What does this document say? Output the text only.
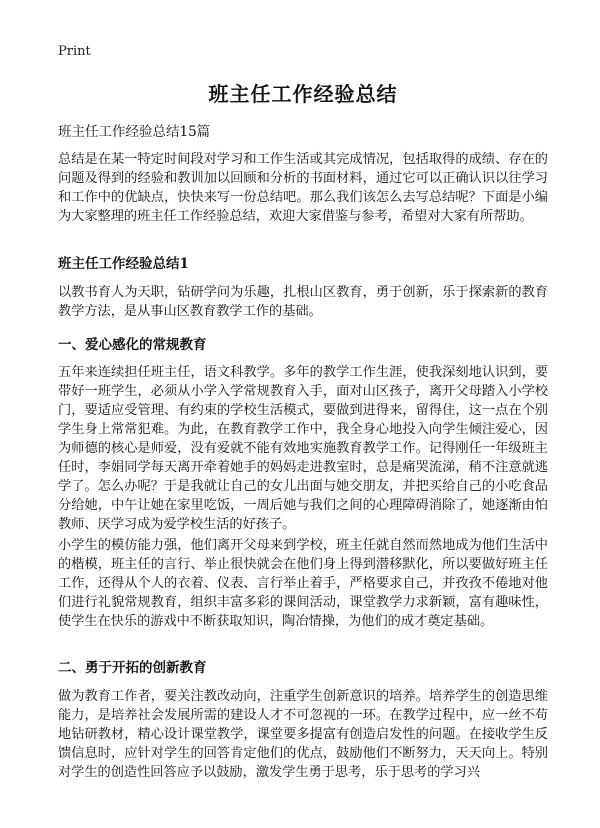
Print
班主任工作经验总结

班主任工作经验总结15篇

总结是在某一特定时间段对学习和工作生活或其完成情况，包括取得的成绩、存在的问题及得到的经验和教训加以回顾和分析的书面材料，通过它可以正确认识以往学习和工作中的优缺点，快快来写一份总结吧。那么我们该怎么去写总结呢？下面是小编为大家整理的班主任工作经验总结，欢迎大家借鉴与参考，希望对大家有所帮助。

班主任工作经验总结1

以教书育人为天职，钻研学问为乐趣，扎根山区教育，勇于创新，乐于探索新的教育教学方法，是从事山区教育教学工作的基础。

一、爱心感化的常规教育

五年来连续担任班主任，语文科教学。多年的教学工作生涯，使我深刻地认识到，要带好一班学生，必须从小学入学常规教育入手，面对山区孩子，离开父母踏入小学校门，要适应受管理、有约束的学校生活模式，要做到进得来，留得住，这一点在个别学生身上常常犯难。为此，在教育教学工作中，我全身心地投入向学生倾注爱心，因为师德的核心是师爱，没有爱就不能有效地实施教育教学工作。记得刚任一年级班主任时，李娟同学每天离开牵着她手的妈妈走进教室时，总是痛哭流涕，稍不注意就逃学了。怎么办呢？于是我就让自己的女儿出面与她交朋友，并把买给自己的小吃食品分给她，中午让她在家里吃饭，一周后她与我们之间的心理障碍消除了，她逐渐由怕教师、厌学习成为爱学校生活的好孩子。

小学生的模仿能力强，他们离开父母来到学校，班主任就自然而然地成为他们生活中的楷模，班主任的言行、举止很快就会在他们身上得到潜移默化，所以要做好班主任工作，还得从个人的衣着、仪表、言行举止着手，严格要求自己，并孜孜不倦地对他们进行礼貌常规教育，组织丰富多彩的课间活动，课堂教学力求新颖，富有趣味性，使学生在快乐的游戏中不断获取知识，陶冶情操，为他们的成才奠定基础。

二、勇于开拓的创新教育

做为教育工作者，要关注教改动向，注重学生创新意识的培养。培养学生的创造思维能力，是培养社会发展所需的建设人才不可忽视的一环。在教学过程中，应一丝不苟地钻研教材，精心设计课堂教学，课堂要多提富有创造启发性的问题。在接收学生反馈信息时，应针对学生的回答肯定他们的优点，鼓励他们不断努力，天天向上。特别对学生的创造性回答应予以鼓励，激发学生勇于思考，乐于思考的学习兴
